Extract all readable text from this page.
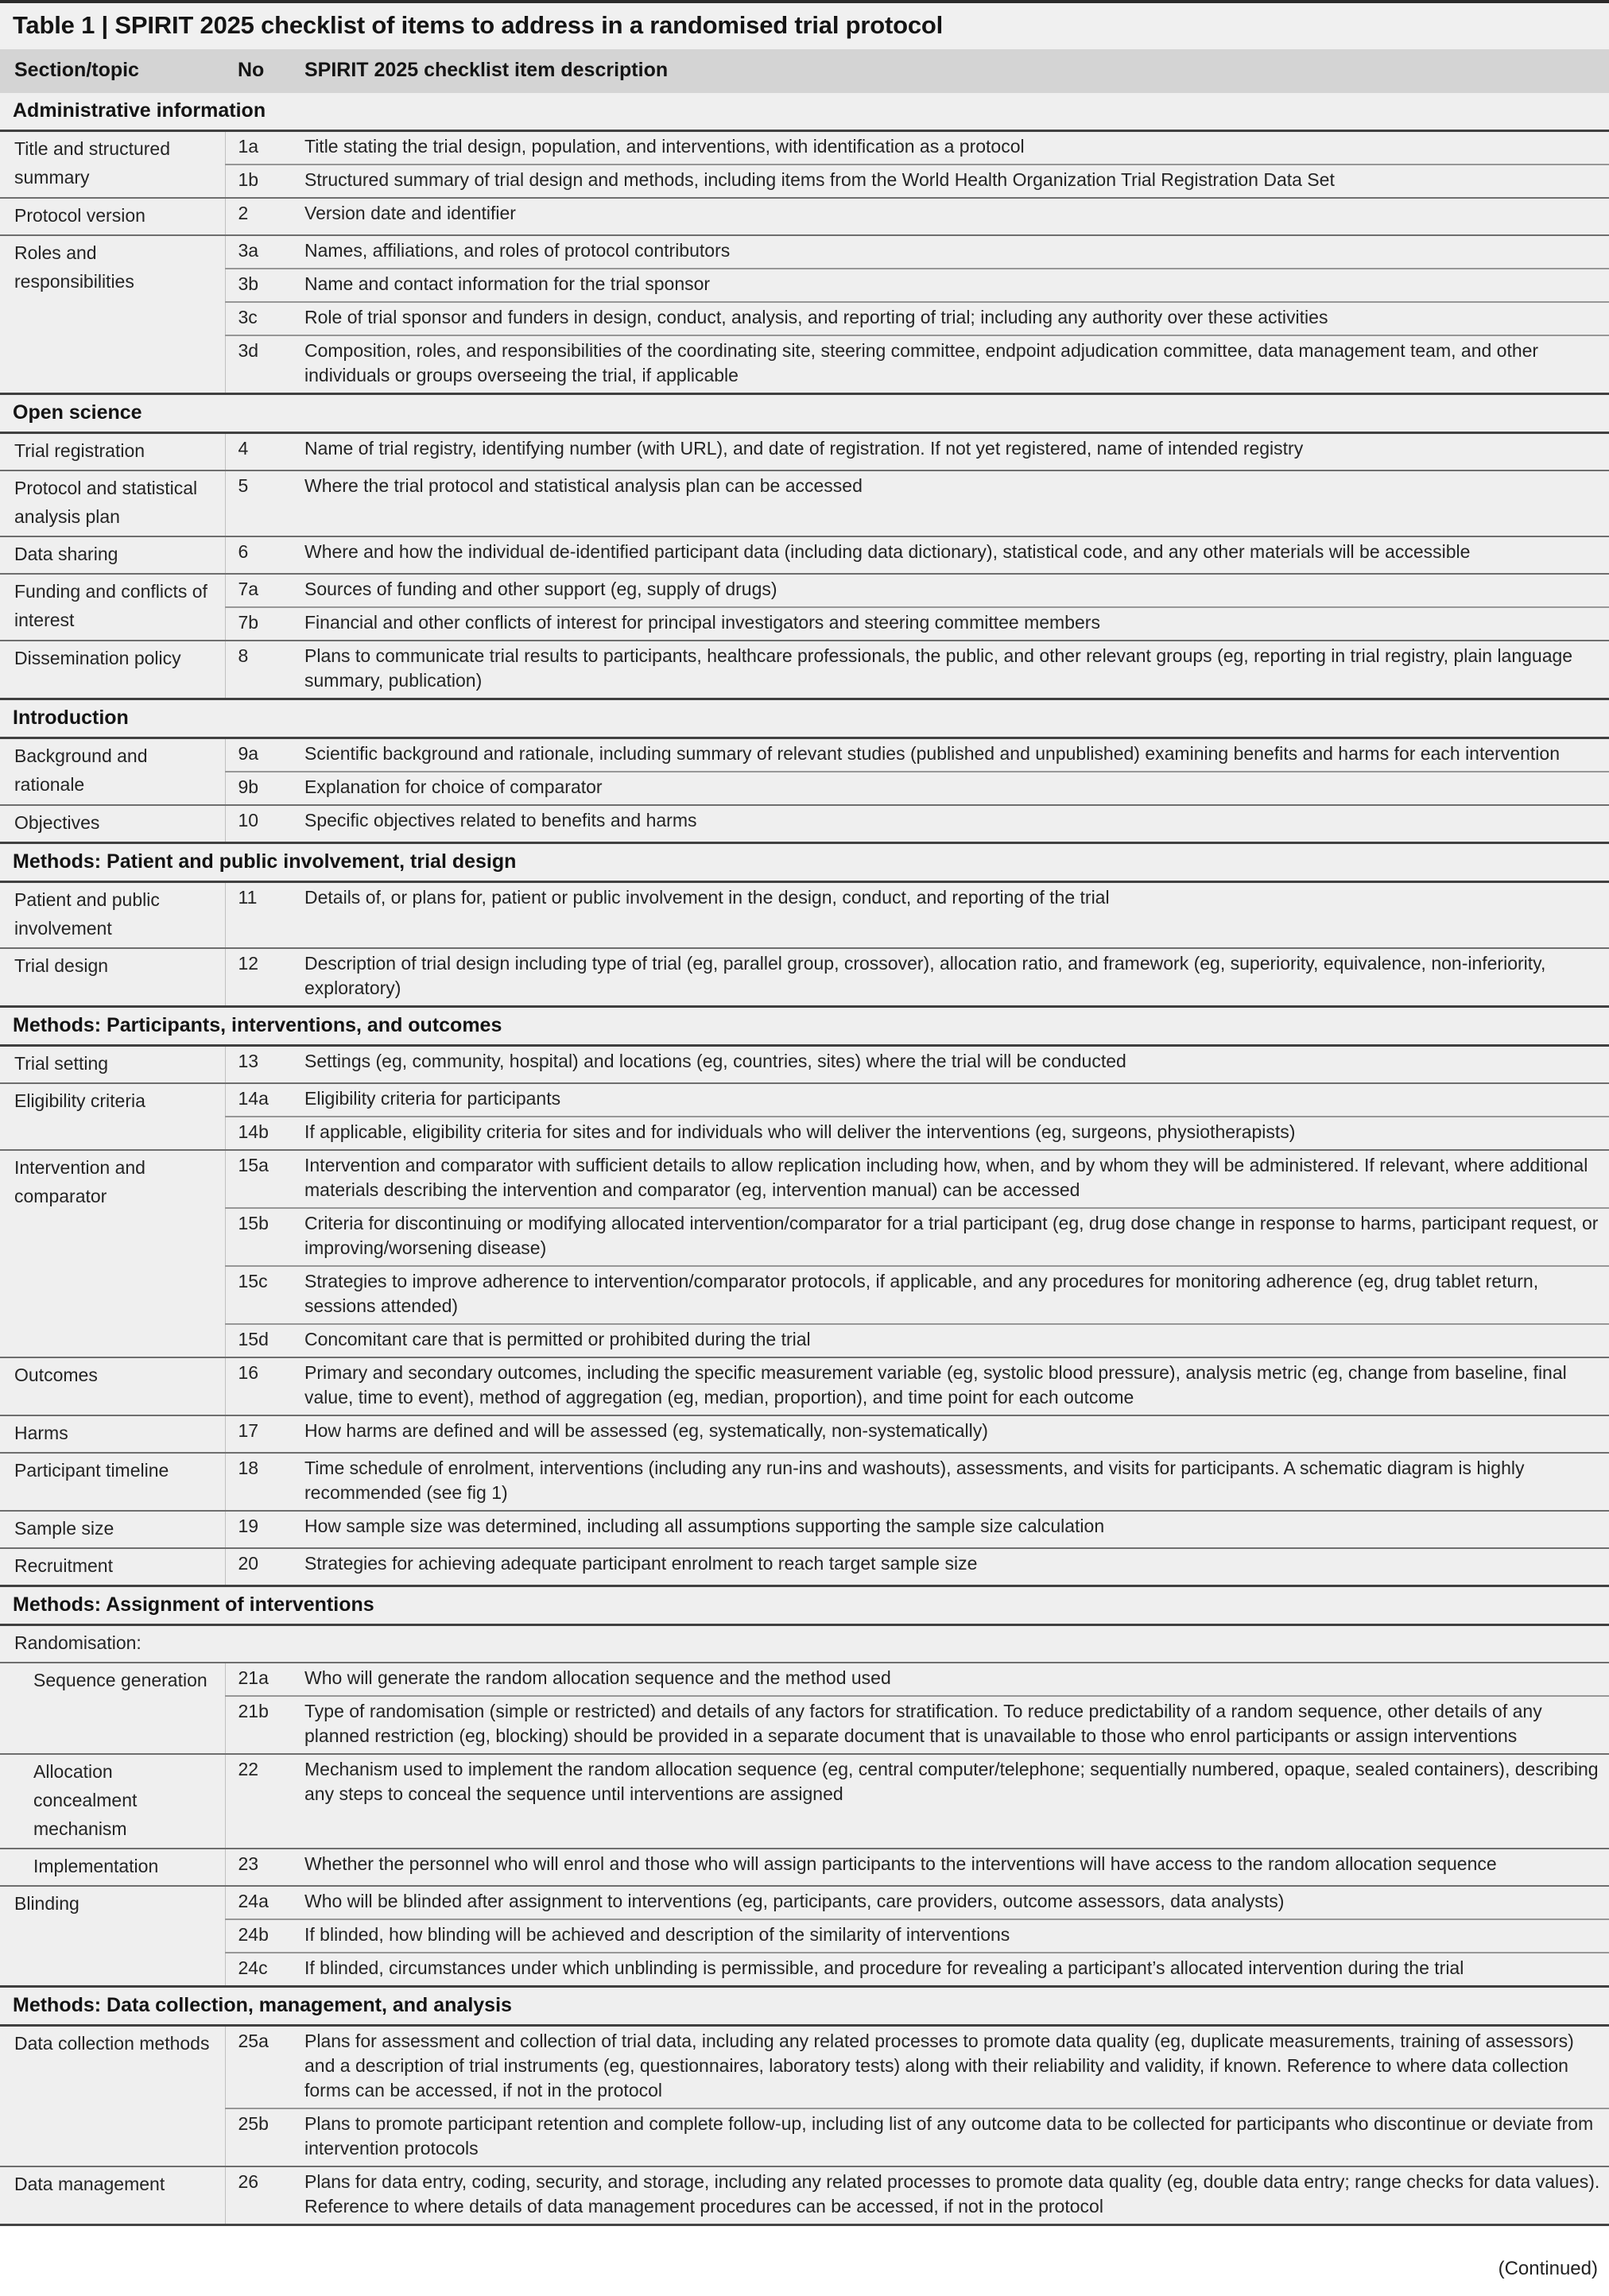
Table 1 | SPIRIT 2025 checklist of items to address in a randomised trial protocol
Section/topic	No	SPIRIT 2025 checklist item description
Administrative information		
Title and structured summary	1a	Title stating the trial design, population, and interventions, with identification as a protocol
	1b	Structured summary of trial design and methods, including items from the World Health Organization Trial Registration Data Set
Protocol version	2	Version date and identifier
Roles and responsibilities	3a	Names, affiliations, and roles of protocol contributors
	3b	Name and contact information for the trial sponsor
	3c	Role of trial sponsor and funders in design, conduct, analysis, and reporting of trial; including any authority over these activities
	3d	Composition, roles, and responsibilities of the coordinating site, steering committee, endpoint adjudication committee, data management team, and other individuals or groups overseeing the trial, if applicable
Open science		
Trial registration	4	Name of trial registry, identifying number (with URL), and date of registration. If not yet registered, name of intended registry
Protocol and statistical analysis plan	5	Where the trial protocol and statistical analysis plan can be accessed
Data sharing	6	Where and how the individual de-identified participant data (including data dictionary), statistical code, and any other materials will be accessible
Funding and conflicts of interest	7a	Sources of funding and other support (eg, supply of drugs)
	7b	Financial and other conflicts of interest for principal investigators and steering committee members
Dissemination policy	8	Plans to communicate trial results to participants, healthcare professionals, the public, and other relevant groups (eg, reporting in trial registry, plain language summary, publication)
Introduction		
Background and rationale	9a	Scientific background and rationale, including summary of relevant studies (published and unpublished) examining benefits and harms for each intervention
	9b	Explanation for choice of comparator
Objectives	10	Specific objectives related to benefits and harms
Methods: Patient and public involvement, trial design		
Patient and public involvement	11	Details of, or plans for, patient or public involvement in the design, conduct, and reporting of the trial
Trial design	12	Description of trial design including type of trial (eg, parallel group, crossover), allocation ratio, and framework (eg, superiority, equivalence, non-inferiority, exploratory)
Methods: Participants, interventions, and outcomes		
Trial setting	13	Settings (eg, community, hospital) and locations (eg, countries, sites) where the trial will be conducted
Eligibility criteria	14a	Eligibility criteria for participants
	14b	If applicable, eligibility criteria for sites and for individuals who will deliver the interventions (eg, surgeons, physiotherapists)
Intervention and comparator	15a	Intervention and comparator with sufficient details to allow replication including how, when, and by whom they will be administered. If relevant, where additional materials describing the intervention and comparator (eg, intervention manual) can be accessed
	15b	Criteria for discontinuing or modifying allocated intervention/comparator for a trial participant (eg, drug dose change in response to harms, participant request, or improving/worsening disease)
	15c	Strategies to improve adherence to intervention/comparator protocols, if applicable, and any procedures for monitoring adherence (eg, drug tablet return, sessions attended)
	15d	Concomitant care that is permitted or prohibited during the trial
Outcomes	16	Primary and secondary outcomes, including the specific measurement variable (eg, systolic blood pressure), analysis metric (eg, change from baseline, final value, time to event), method of aggregation (eg, median, proportion), and time point for each outcome
Harms	17	How harms are defined and will be assessed (eg, systematically, non-systematically)
Participant timeline	18	Time schedule of enrolment, interventions (including any run-ins and washouts), assessments, and visits for participants. A schematic diagram is highly recommended (see fig 1)
Sample size	19	How sample size was determined, including all assumptions supporting the sample size calculation
Recruitment	20	Strategies for achieving adequate participant enrolment to reach target sample size
Methods: Assignment of interventions		
Randomisation:		
Sequence generation	21a	Who will generate the random allocation sequence and the method used
	21b	Type of randomisation (simple or restricted) and details of any factors for stratification. To reduce predictability of a random sequence, other details of any planned restriction (eg, blocking) should be provided in a separate document that is unavailable to those who enrol participants or assign interventions
Allocation concealment mechanism	22	Mechanism used to implement the random allocation sequence (eg, central computer/telephone; sequentially numbered, opaque, sealed containers), describing any steps to conceal the sequence until interventions are assigned
Implementation	23	Whether the personnel who will enrol and those who will assign participants to the interventions will have access to the random allocation sequence
Blinding	24a	Who will be blinded after assignment to interventions (eg, participants, care providers, outcome assessors, data analysts)
	24b	If blinded, how blinding will be achieved and description of the similarity of interventions
	24c	If blinded, circumstances under which unblinding is permissible, and procedure for revealing a participant’s allocated intervention during the trial
Methods: Data collection, management, and analysis		
Data collection methods	25a	Plans for assessment and collection of trial data, including any related processes to promote data quality (eg, duplicate measurements, training of assessors) and a description of trial instruments (eg, questionnaires, laboratory tests) along with their reliability and validity, if known. Reference to where data collection forms can be accessed, if not in the protocol
	25b	Plans to promote participant retention and complete follow-up, including list of any outcome data to be collected for participants who discontinue or deviate from intervention protocols
Data management	26	Plans for data entry, coding, security, and storage, including any related processes to promote data quality (eg, double data entry; range checks for data values). Reference to where details of data management procedures can be accessed, if not in the protocol
(Continued)
